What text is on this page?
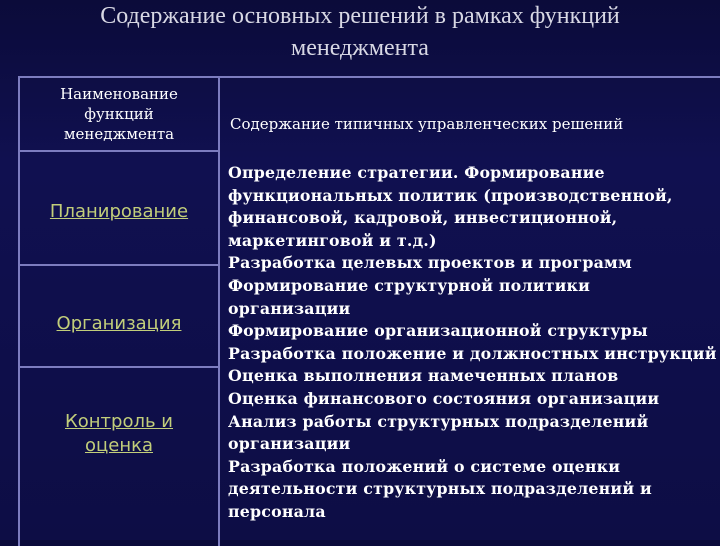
Содержание основных решений в рамках функций
менеджмента
Наименование
функций
менеджмента
Содержание типичных управленческих решений
Планирование
Организация
Контроль и
оценка
Определение стратегии. Формирование
функциональных политик (производственной,
финансовой, кадровой, инвестиционной,
маркетинговой и т.д.)
Разработка целевых проектов и программ
Формирование структурной политики
организации
Формирование организационной структуры
Разработка положение и должностных инструкций
Оценка выполнения намеченных планов
Оценка финансового состояния организации
Анализ работы структурных подразделений
организации
Разработка положений о системе оценки
деятельности структурных подразделений и
персонала
